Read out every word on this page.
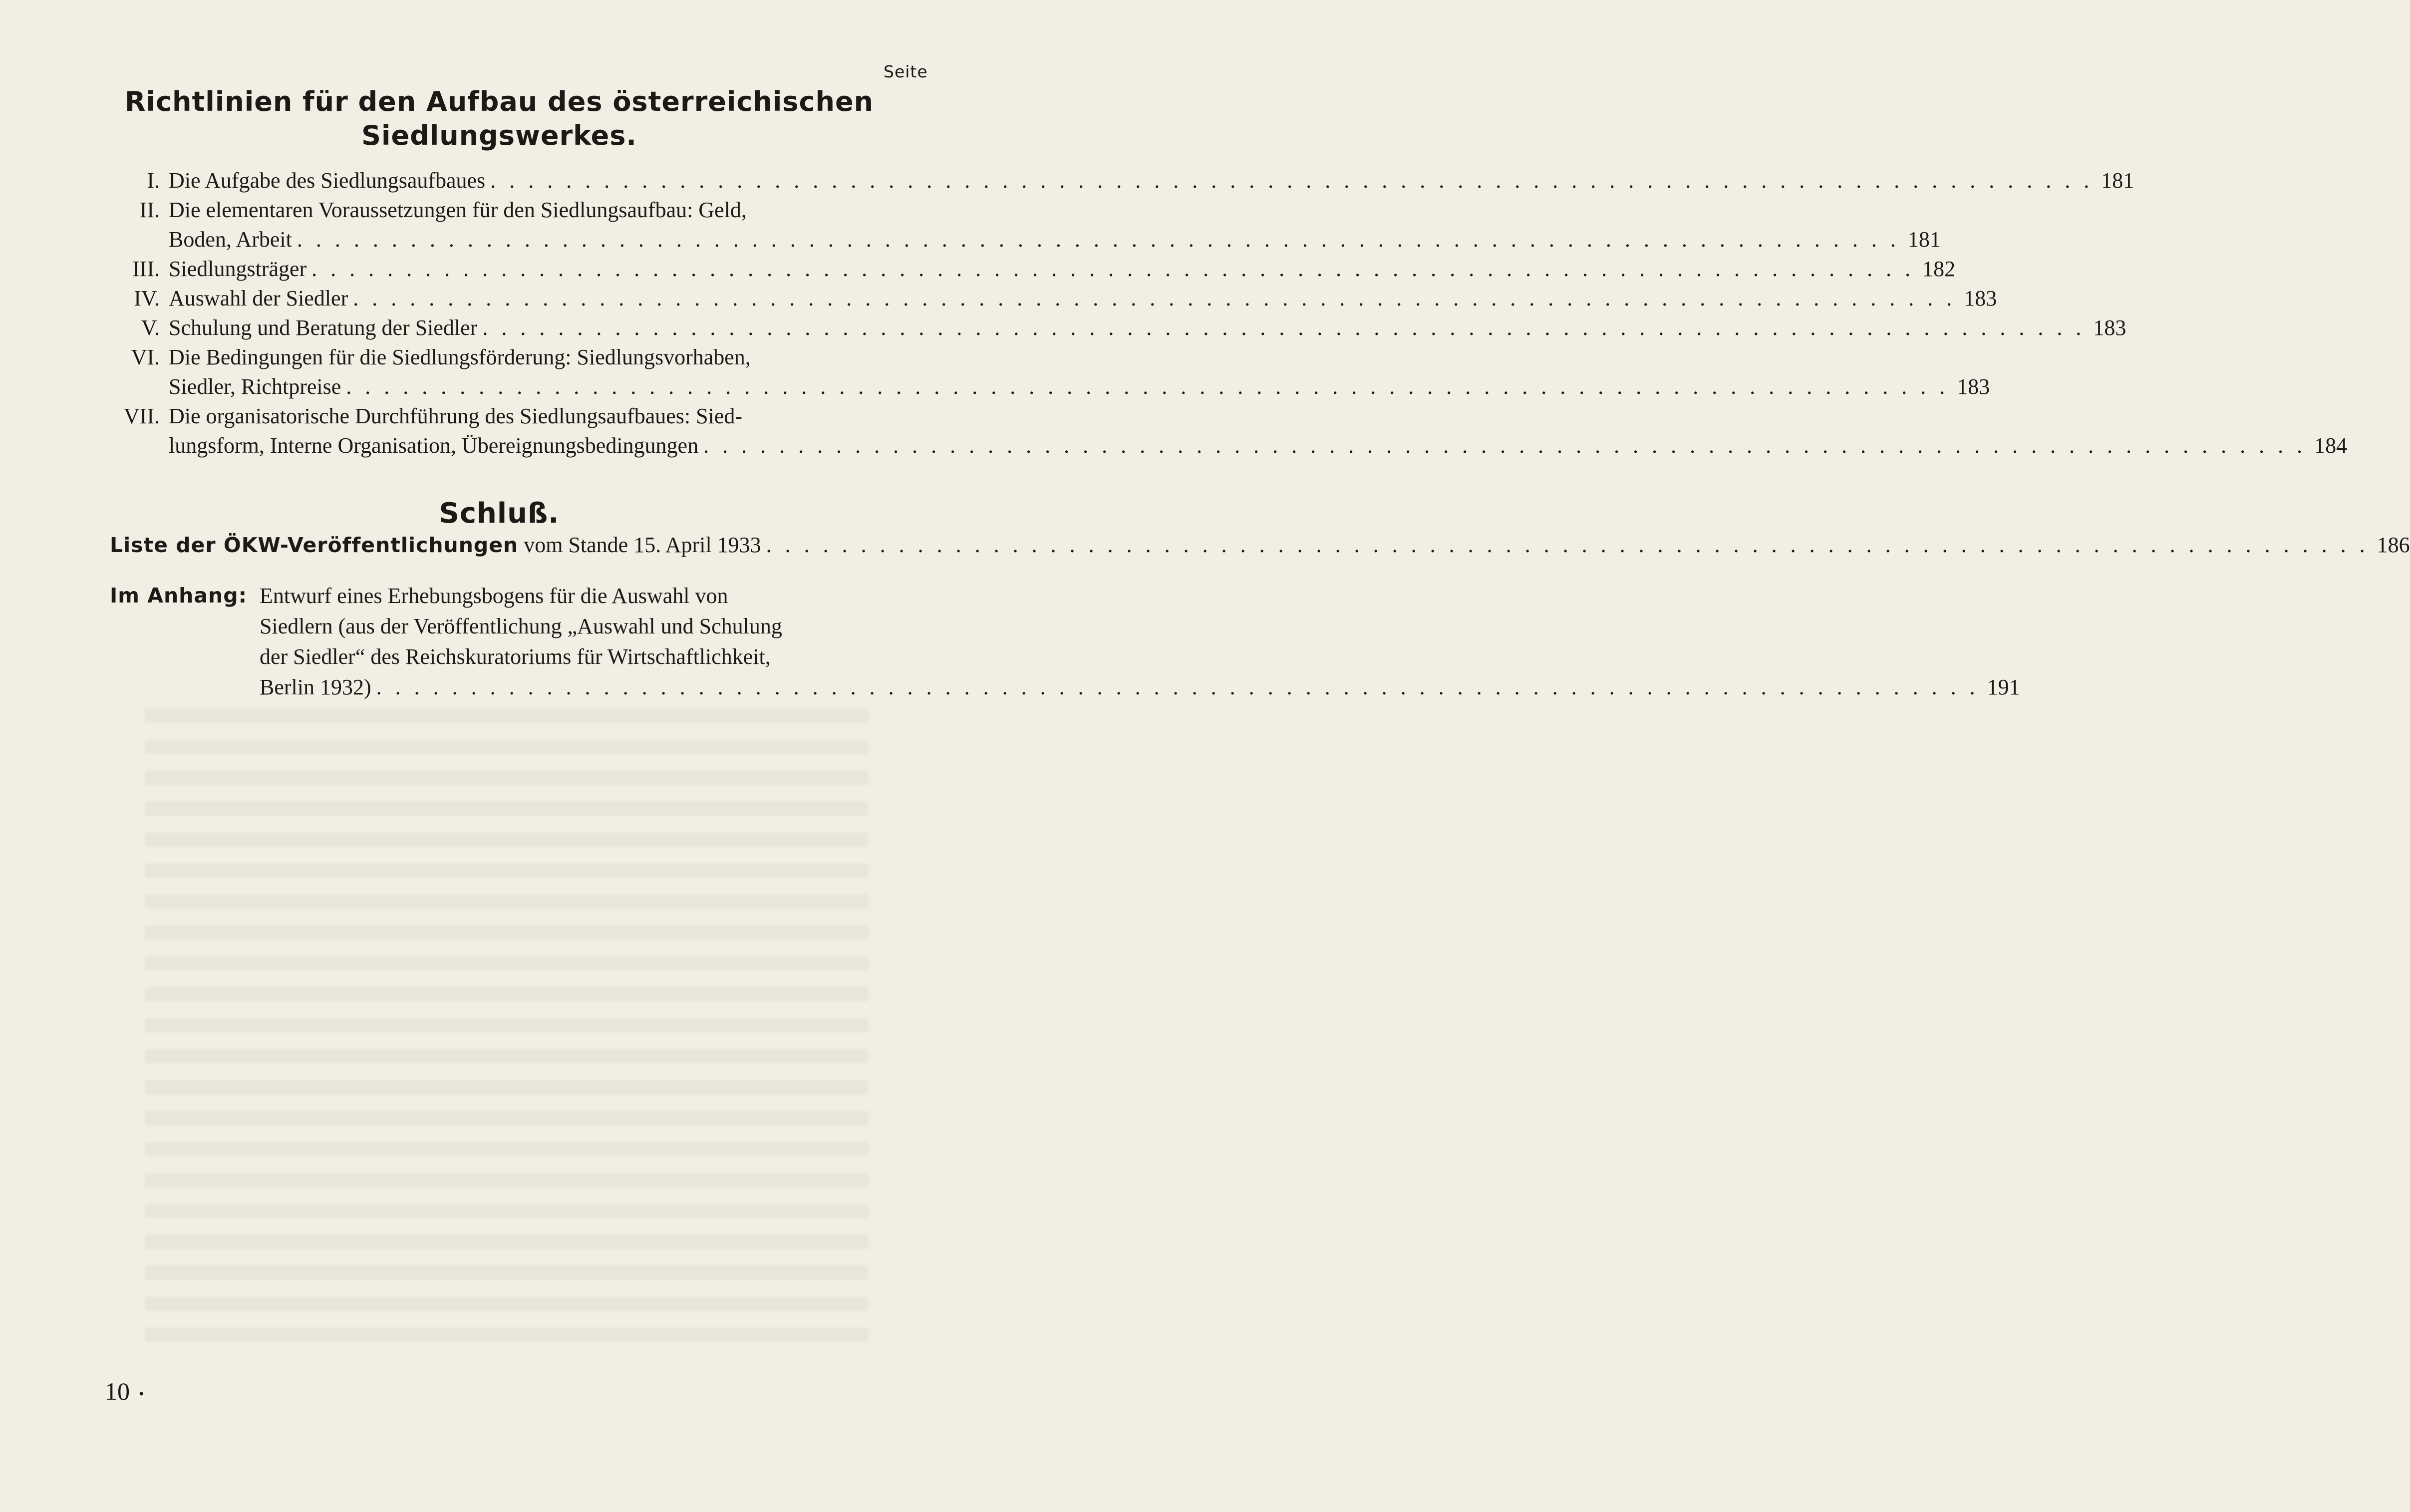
Seite
Richtlinien für den Aufbau des österreichischen
Siedlungswerkes.
I. Die Aufgabe des Siedlungsaufbaues . . .	181
II. Die elementaren Voraussetzungen für den Siedlungsaufbau: Geld,
Boden, Arbeit . . .	181
III. Siedlungsträger . . .	182
IV. Auswahl der Siedler . . .	183
V. Schulung und Beratung der Siedler . . .	183
VI. Die Bedingungen für die Siedlungsförderung: Siedlungsvorhaben,
Siedler, Richtpreise . . .	183
VII. Die organisatorische Durchführung des Siedlungsaufbaues: Sied-
lungsform, Interne Organisation, Übereignungsbedingungen . . .	184
Schluß.
Liste der ÖKW-Veröffentlichungen vom Stande 15. April 1933 . . .	186
Im Anhang: Entwurf eines Erhebungsbogens für die Auswahl von
Siedlern (aus der Veröffentlichung „Auswahl und Schulung
der Siedler“ des Reichskuratoriums für Wirtschaftlichkeit,
Berlin 1932) . . .	191
10 •
